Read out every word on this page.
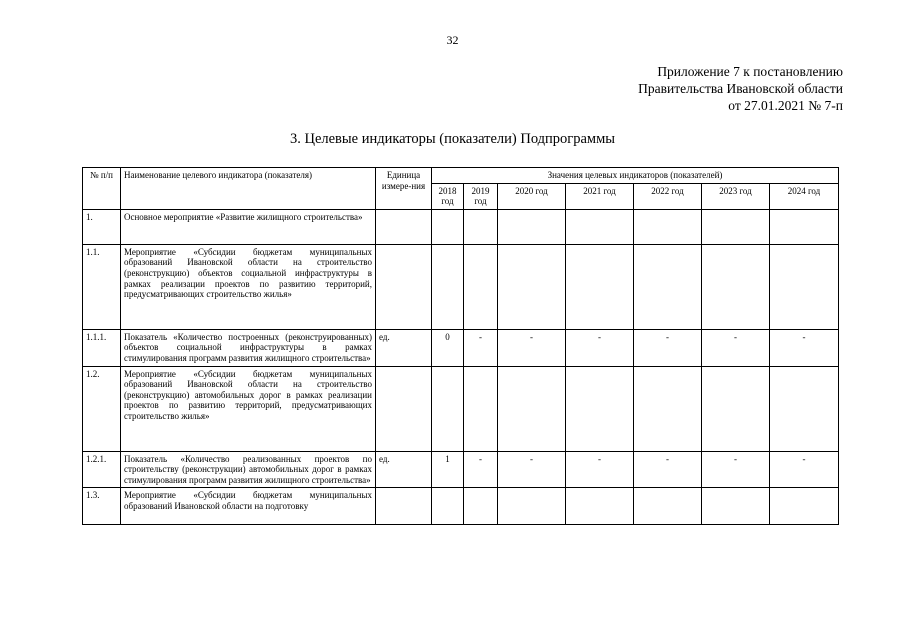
32
Приложение 7 к постановлению
Правительства Ивановской области
от 27.01.2021 № 7-п
3. Целевые индикаторы (показатели) Подпрограммы
№ п/п	Наименование целевого индикатора (показателя)	Единица измере-ния	Значения целевых индикаторов (показателей)						
			2018 год	2019 год	2020 год	2021 год	2022 год	2023 год	2024 год
1.	Основное мероприятие «Развитие жилищного строительства»								
1.1.	Мероприятие «Субсидии бюджетам муниципальных образований Ивановской области на строительство (реконструкцию) объектов социальной инфраструктуры в рамках реализации проектов по развитию территорий, предусматривающих строительство жилья»								
1.1.1.	Показатель «Количество построенных (реконструированных) объектов социальной инфраструктуры в рамках стимулирования программ развития жилищного строительства»	ед.	0	-	-	-	-	-	-
1.2.	Мероприятие «Субсидии бюджетам муниципальных образований Ивановской области на строительство (реконструкцию) автомобильных дорог в рамках реализации проектов по развитию территорий, предусматривающих строительство жилья»								
1.2.1.	Показатель «Количество реализованных проектов по строительству (реконструкции) автомобильных дорог в рамках стимулирования программ развития жилищного строительства»	ед.	1	-	-	-	-	-	-
1.3.	Мероприятие «Субсидии бюджетам муниципальных образований Ивановской области на подготовку								
